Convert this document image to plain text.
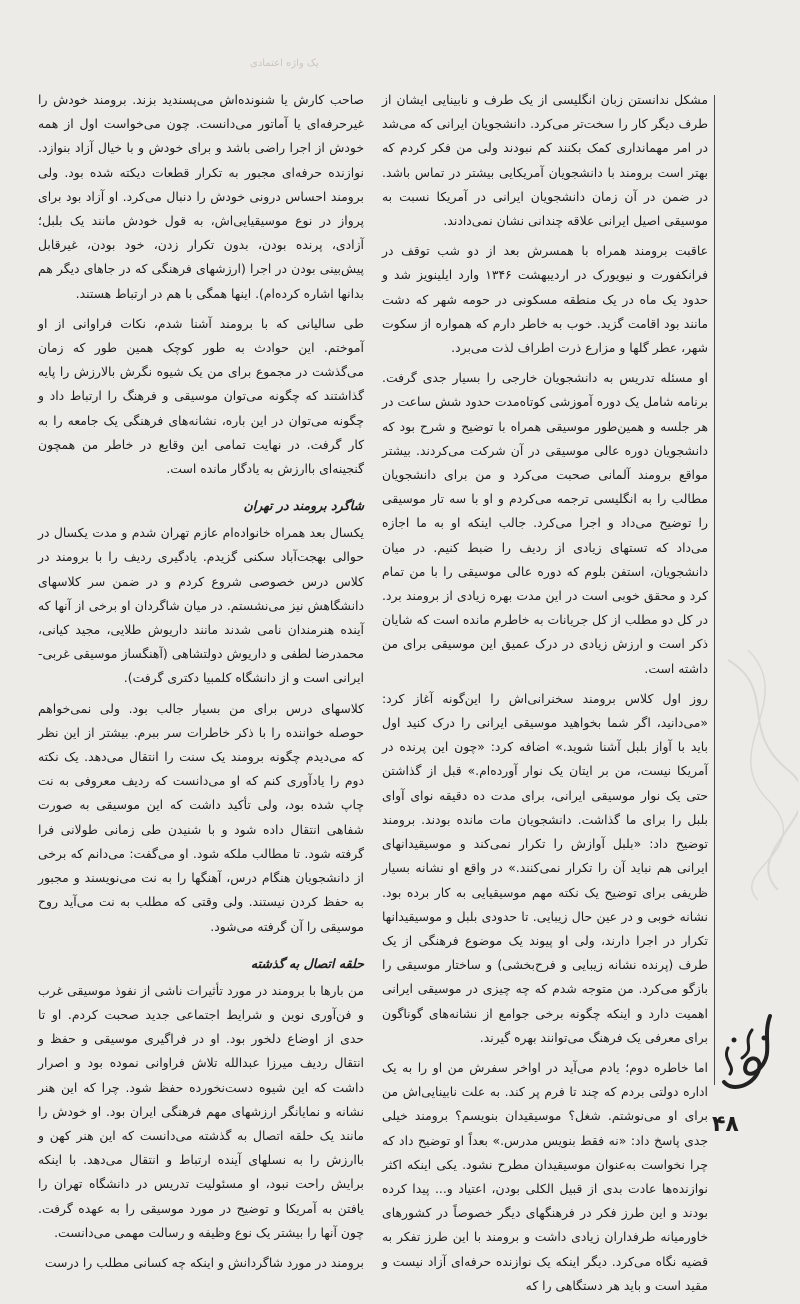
یک واژه اعتمادی

مشکل ندانستن زبان انگلیسی از یک طرف و نابینایی ایشان از طرف دیگر کار را سخت‌تر می‌کرد. دانشجویان ایرانی که می‌شد در امر مهمانداری کمک بکنند کم نبودند ولی من فکر کردم که بهتر است برومند با دانشجویان آمریکایی بیشتر در تماس باشد. در ضمن در آن زمان دانشجویان ایرانی در آمریکا نسبت به موسیقی اصیل ایرانی علاقه چندانی نشان نمی‌دادند.

عاقبت برومند همراه با همسرش بعد از دو شب توقف در فرانکفورت و نیویورک در اردیبهشت ۱۳۴۶ وارد ایلینویز شد و حدود یک ماه در یک منطقه مسکونی در حومه شهر که دشت مانند بود اقامت گزید. خوب به خاطر دارم که همواره از سکوت شهر، عطر گلها و مزارع ذرت اطراف لذت می‌برد.

او مسئله تدریس به دانشجویان خارجی را بسیار جدی گرفت. برنامه شامل یک دوره آموزشی کوتاه‌مدت حدود شش ساعت در هر جلسه و همین‌طور موسیقی همراه با توضیح و شرح بود که دانشجویان دوره عالی موسیقی در آن شرکت می‌کردند. بیشتر مواقع برومند آلمانی صحبت می‌کرد و من برای دانشجویان مطالب را به انگلیسی ترجمه می‌کردم و او با سه تار موسیقی را توضیح می‌داد و اجرا می‌کرد. جالب اینکه او به ما اجازه می‌داد که تستهای زیادی از ردیف را ضبط کنیم. در میان دانشجویان، استفن بلوم که دوره عالی موسیقی را با من تمام کرد و محقق خوبی است در این مدت بهره زیادی از برومند برد. در کل دو مطلب از کل جریانات به خاطرم مانده است که شایان ذکر است و ارزش زیادی در درک عمیق این موسیقی برای من داشته است.

روز اول کلاس برومند سخنرانی‌اش را این‌گونه آغاز کرد: «می‌دانید، اگر شما بخواهید موسیقی ایرانی را درک کنید اول باید با آواز بلبل آشنا شوید.» اضافه کرد: «چون این پرنده در آمریکا نیست، من بر ایتان یک نوار آورده‌ام.» قبل از گذاشتن حتی یک نوار موسیقی ایرانی، برای مدت ده دقیقه نوای آوای بلبل را برای ما گذاشت. دانشجویان مات مانده بودند. برومند توضیح داد: «بلبل آوازش را تکرار نمی‌کند و موسیقیدانهای ایرانی هم نباید آن را تکرار نمی‌کنند.» در واقع او نشانه بسیار ظریفی برای توضیح یک نکته مهم موسیقیایی به کار برده بود. نشانه خوبی و در عین حال زیبایی. تا حدودی بلبل و موسیقیدانها تکرار در اجرا دارند، ولی او پیوند یک موضوع فرهنگی از یک طرف (پرنده نشانه زیبایی و فرح‌بخشی) و ساختار موسیقی را بازگو می‌کرد. من متوجه شدم که چه چیزی در موسیقی ایرانی اهمیت دارد و اینکه چگونه برخی جوامع از نشانه‌های گوناگون برای معرفی یک فرهنگ می‌توانند بهره گیرند.

اما خاطره دوم؛ یادم می‌آید در اواخر سفرش من او را به یک اداره دولتی بردم که چند تا فرم پر کند. به علت نابینایی‌اش من برای او می‌نوشتم. شغل؟ موسیقیدان بنویسم؟ برومند خیلی جدی پاسخ داد: «نه فقط بنویس مدرس.» بعداً او توضیح داد که چرا نخواست به‌عنوان موسیقیدان مطرح نشود. یکی اینکه اکثر نوازنده‌ها عادت بدی از قبیل الکلی بودن، اعتیاد و... پیدا کرده بودند و این طرز فکر در فرهنگهای دیگر خصوصاً در کشورهای خاورمیانه طرفداران زیادی داشت و برومند با این طرز تفکر به قضیه نگاه می‌کرد. دیگر اینکه یک نوازنده حرفه‌ای آزاد نیست و مقید است و باید هر دستگاهی را که

صاحب کارش یا شنونده‌اش می‌پسندید بزند. برومند خودش را غیرحرفه‌ای یا آماتور می‌دانست. چون می‌خواست اول از همه خودش از اجرا راضی باشد و برای خودش و با خیال آزاد بنوازد. نوازنده حرفه‌ای مجبور به تکرار قطعات دیکته شده بود. ولی برومند احساس درونی خودش را دنبال می‌کرد. او آزاد بود برای پرواز در نوع موسیقیایی‌اش، به قول خودش مانند یک بلبل؛ آزادی، پرنده بودن، بدون تکرار زدن، خود بودن، غیرقابل پیش‌بینی بودن در اجرا (ارزشهای فرهنگی که در جاهای دیگر هم بدانها اشاره کرده‌ام). اینها همگی با هم در ارتباط هستند.

طی سالیانی که با برومند آشنا شدم، نکات فراوانی از او آموختم. این حوادث به طور کوچک همین طور که زمان می‌گذشت در مجموع برای من یک شیوه نگرش بالارزش را پایه گذاشتند که چگونه می‌توان موسیقی و فرهنگ را ارتباط داد و چگونه می‌توان در این باره، نشانه‌های فرهنگی یک جامعه را به کار گرفت. در نهایت تمامی این وقایع در خاطر من همچون گنجینه‌ای باارزش به یادگار مانده است.

شاگرد برومند در تهران

یکسال بعد همراه خانواده‌ام عازم تهران شدم و مدت یکسال در حوالی بهجت‌آباد سکنی گزیدم. یادگیری ردیف را با برومند در کلاس درس خصوصی شروع کردم و در ضمن سر کلاسهای دانشگاهش نیز می‌نشستم. در میان شاگردان او برخی از آنها که آینده هنرمندان نامی شدند مانند داریوش طلایی، مجید کیانی، محمدرضا لطفی و داریوش دولتشاهی (آهنگساز موسیقی غربی-ایرانی است و از دانشگاه کلمبیا دکتری گرفت).

کلاسهای درس برای من بسیار جالب بود. ولی نمی‌خواهم حوصله خواننده را با ذکر خاطرات سر ببرم. بیشتر از این نظر که می‌دیدم چگونه برومند یک سنت را انتقال می‌دهد. یک نکته دوم را یادآوری کنم که او می‌دانست که ردیف معروفی به نت چاپ شده بود، ولی تأکید داشت که این موسیقی به صورت شفاهی انتقال داده شود و با شنیدن طی زمانی طولانی فرا گرفته شود. تا مطالب ملکه شود. او می‌گفت: می‌دانم که برخی از دانشجویان هنگام درس، آهنگها را به نت می‌نویسند و مجبور به حفظ کردن نیستند. ولی وقتی که مطلب به نت می‌آید روح موسیقی را آن گرفته می‌شود.

حلقه اتصال به گذشته

من بارها با برومند در مورد تأثیرات ناشی از نفوذ موسیقی غرب و فن‌آوری نوین و شرایط اجتماعی جدید صحبت کردم. او تا حدی از اوضاع دلخور بود. او در فراگیری موسیقی و حفظ و انتقال ردیف میرزا عبدالله تلاش فراوانی نموده بود و اصرار داشت که این شیوه دست‌نخورده حفظ شود. چرا که این هنر نشانه و نمایانگر ارزشهای مهم فرهنگی ایران بود. او خودش را مانند یک حلقه اتصال به گذشته می‌دانست که این هنر کهن و باارزش را به نسلهای آینده ارتباط و انتقال می‌دهد. با اینکه برایش راحت نبود، او مسئولیت تدریس در دانشگاه تهران را یافتن به آمریکا و توضیح در مورد موسیقی را به عهده گرفت. چون آنها را بیشتر یک نوع وظیفه و رسالت مهمی می‌دانست.

برومند در مورد شاگردانش و اینکه چه کسانی مطلب را درست

۴۸
